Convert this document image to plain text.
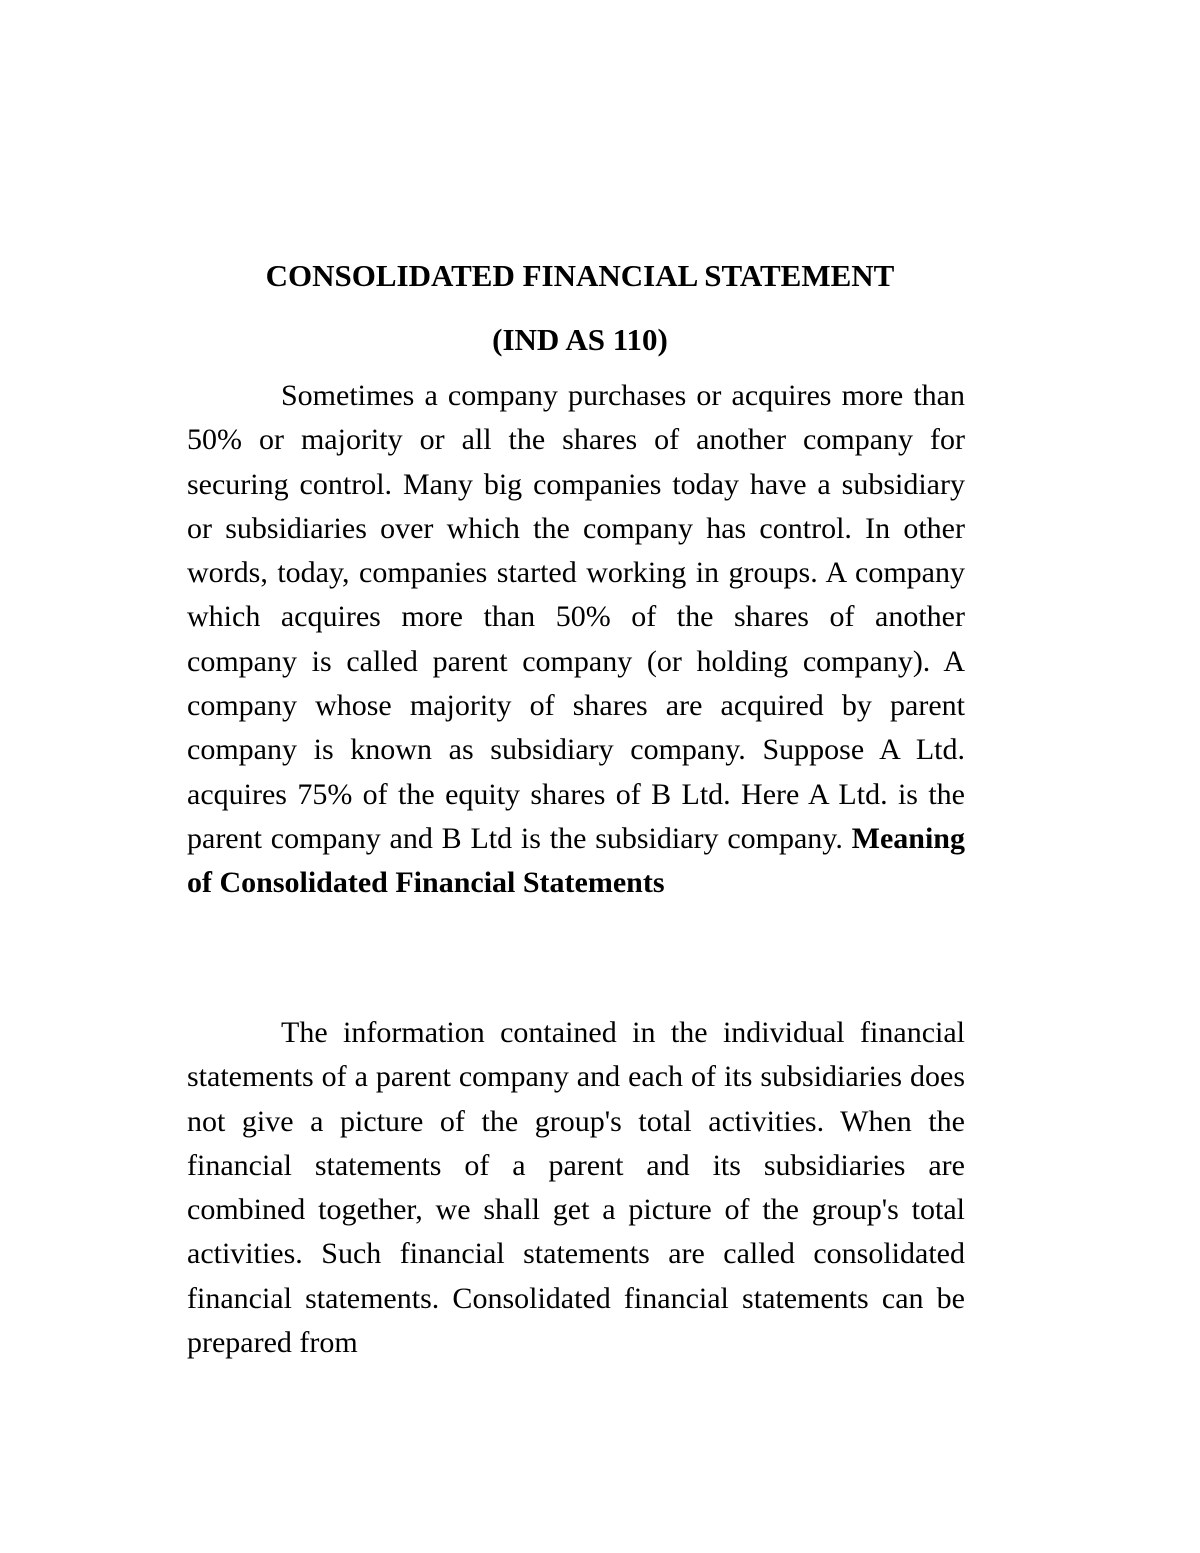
CONSOLIDATED FINANCIAL STATEMENT
(IND AS 110)

Sometimes a company purchases or acquires more than 50% or majority or all the shares of another company for securing control. Many big companies today have a subsidiary or subsidiaries over which the company has control. In other words, today, companies started working in groups. A company which acquires more than 50% of the shares of another company is called parent company (or holding company). A company whose majority of shares are acquired by parent company is known as subsidiary company. Suppose A Ltd. acquires 75% of the equity shares of B Ltd. Here A Ltd. is the parent company and B Ltd is the subsidiary company. Meaning of Consolidated Financial Statements

The information contained in the individual financial statements of a parent company and each of its subsidiaries does not give a picture of the group's total activities. When the financial statements of a parent and its subsidiaries are combined together, we shall get a picture of the group's total activities. Such financial statements are called consolidated financial statements. Consolidated financial statements can be prepared from
